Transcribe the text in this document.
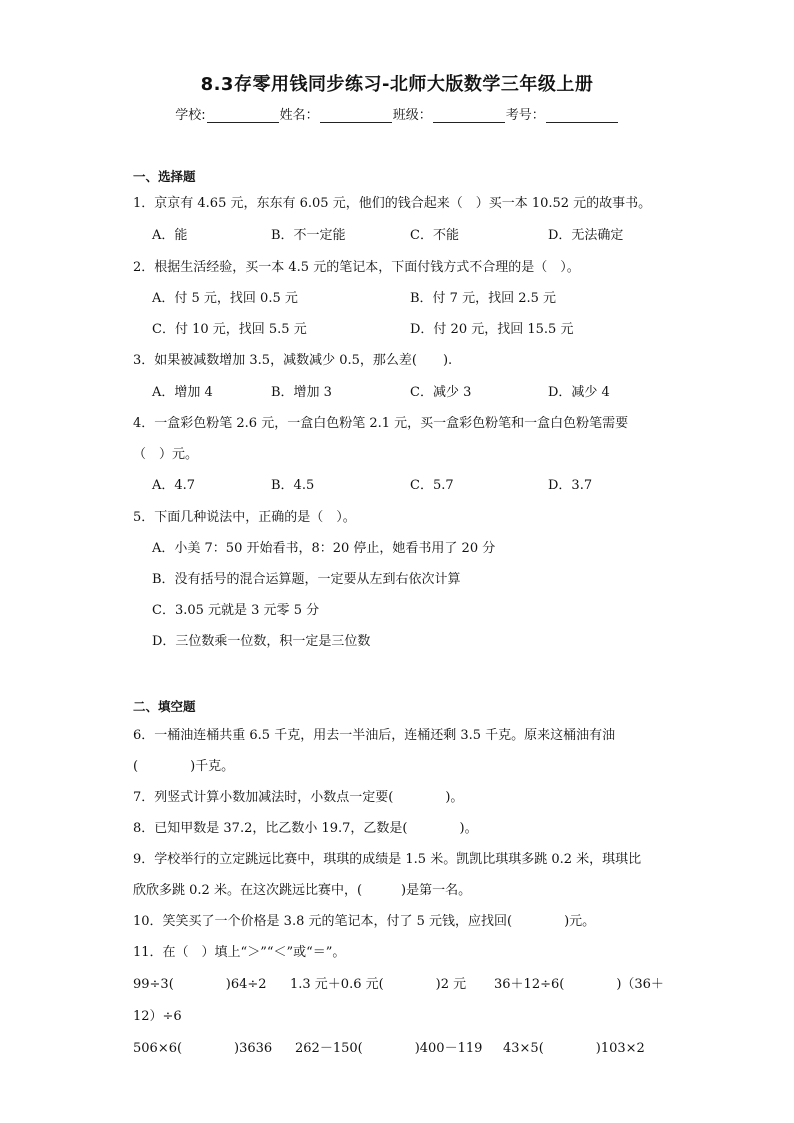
8.3存零用钱同步练习-北师大版数学三年级上册
学校:	姓名：	班级：	考号：
一、选择题
1．京京有 4.65 元，东东有 6.05 元，他们的钱合起来（　）买一本 10.52 元的故事书。
A．能	B．不一定能	C．不能	D．无法确定
2．根据生活经验，买一本 4.5 元的笔记本，下面付钱方式不合理的是（　）。
A．付 5 元，找回 0.5 元	B．付 7 元，找回 2.5 元
C．付 10 元，找回 5.5 元	D．付 20 元，找回 15.5 元
3．如果被减数增加 3.5，减数减少 0.5，那么差(　　).
A．增加 4	B．增加 3	C．减少 3	D．减少 4
4．一盒彩色粉笔 2.6 元，一盒白色粉笔 2.1 元，买一盒彩色粉笔和一盒白色粉笔需要
（　）元。
A．4.7	B．4.5	C．5.7	D．3.7
5．下面几种说法中，正确的是（　）。
A．小美 7：50 开始看书，8：20 停止，她看书用了 20 分
B．没有括号的混合运算题，一定要从左到右依次计算
C．3.05 元就是 3 元零 5 分
D．三位数乘一位数，积一定是三位数
二、填空题
6．一桶油连桶共重 6.5 千克，用去一半油后，连桶还剩 3.5 千克。原来这桶油有油
(　　　　)千克。
7．列竖式计算小数加减法时，小数点一定要(　　　　)。
8．已知甲数是 37.2，比乙数小 19.7，乙数是(　　　　)。
9．学校举行的立定跳远比赛中，琪琪的成绩是 1.5 米。凯凯比琪琪多跳 0.2 米，琪琪比
欣欣多跳 0.2 米。在这次跳远比赛中，(　　　)是第一名。
10．笑笑买了一个价格是 3.8 元的笔记本，付了 5 元钱，应找回(　　　　)元。
11．在（　）填上“＞”“＜”或“＝”。
99÷3(　　　　)64÷2 1.3 元＋0.6 元(　　　　)2 元 36＋12÷6(　　　　)（36＋
12）÷6
506×6(　　　　)3636 262－150(　　　　)400－119 43×5(　　　　)103×2
